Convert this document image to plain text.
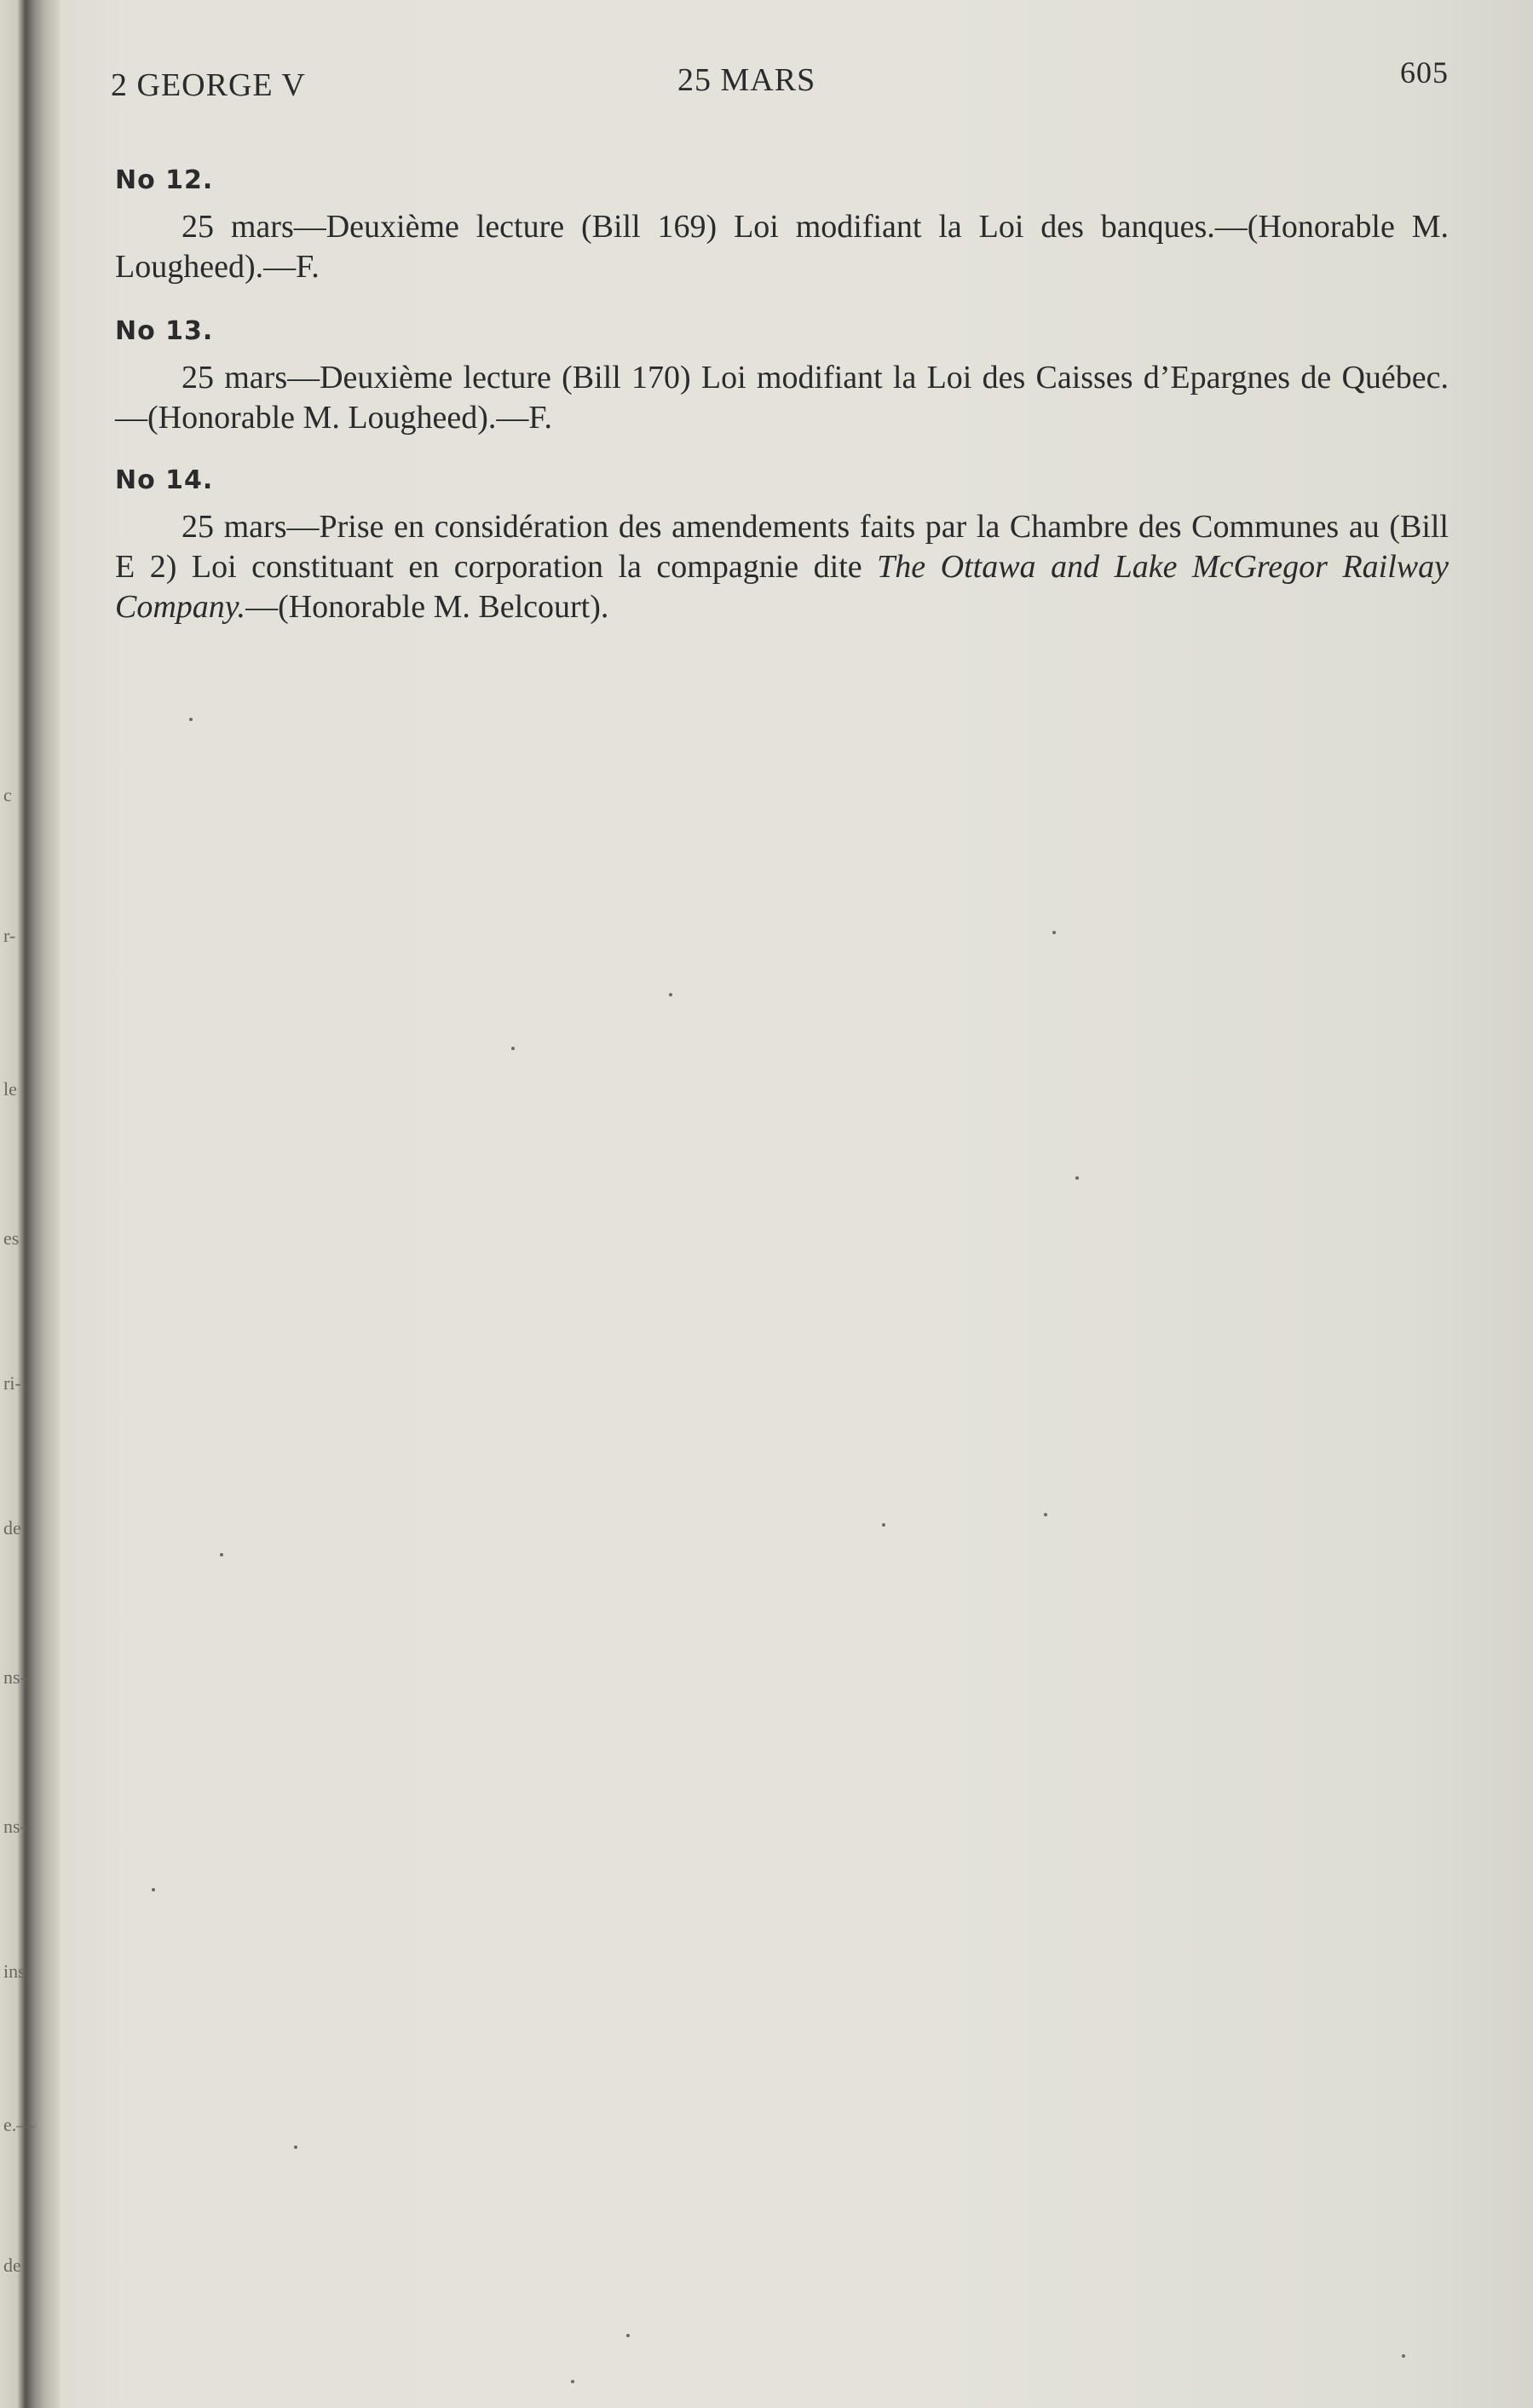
c
r-
le
es
ri-
de
ns-
ns-
ins.
e.—
de
2 GEORGE V	25 MARS	605
No 12.

25 mars—Deuxième lecture (Bill 169) Loi modifiant la Loi des banques.—(Honorable M. Lougheed).—F.

No 13.

25 mars—Deuxième lecture (Bill 170) Loi modifiant la Loi des Caisses d’Epargnes de Québec.—(Honorable M. Lougheed).—F.

No 14.

25 mars—Prise en considération des amendements faits par la Chambre des Communes au (Bill E 2) Loi constituant en corporation la compagnie dite The Ottawa and Lake McGregor Railway Company.—(Honorable M. Belcourt).
